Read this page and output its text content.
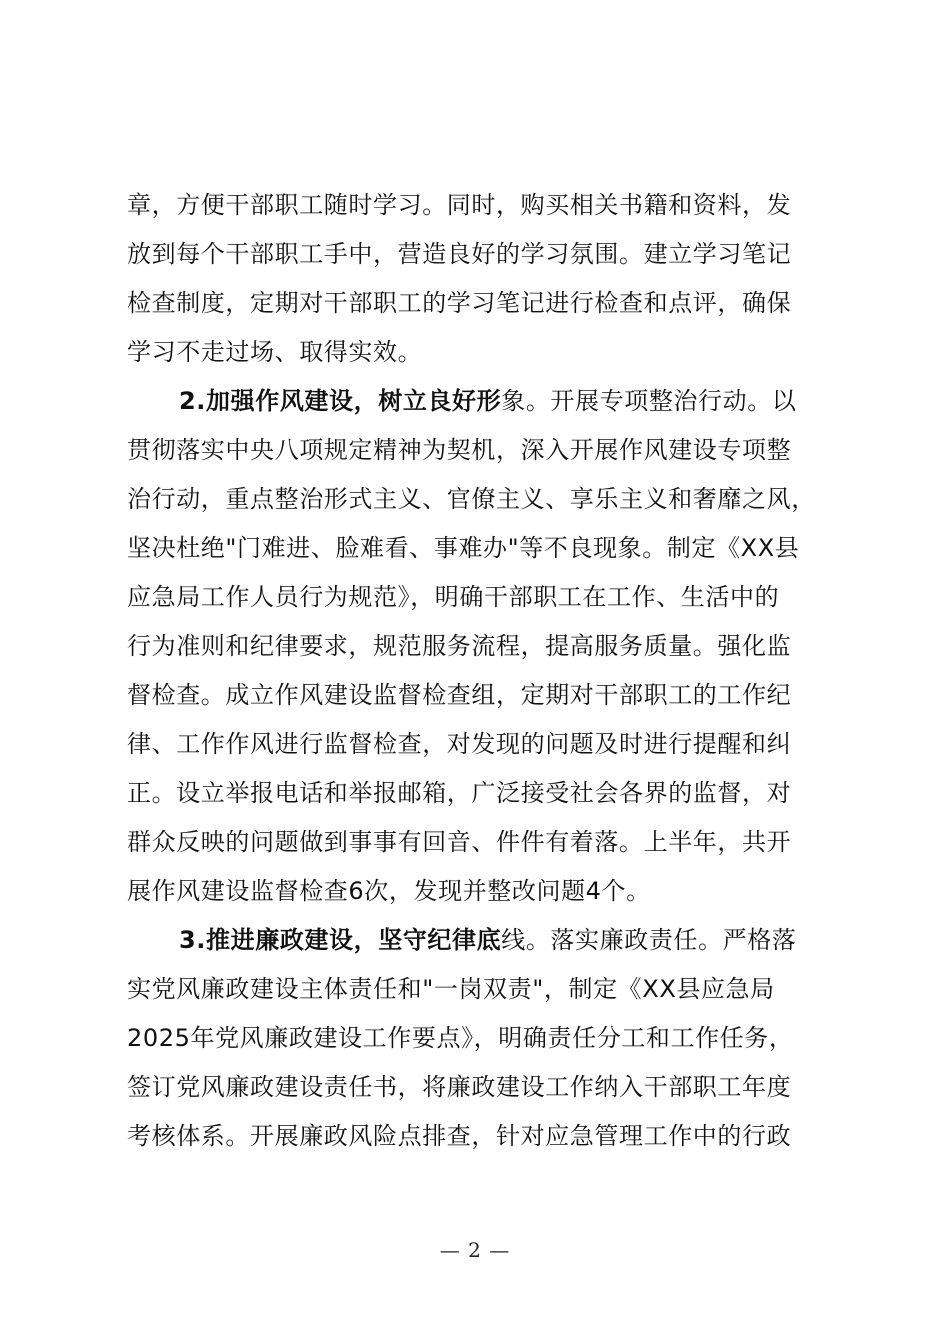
章，方便干部职工随时学习。同时，购买相关书籍和资料，发
放到每个干部职工手中，营造良好的学习氛围。建立学习笔记
检查制度，定期对干部职工的学习笔记进行检查和点评，确保
学习不走过场、取得实效。

2.加强作风建设，树立良好形象。开展专项整治行动。以
贯彻落实中央八项规定精神为契机，深入开展作风建设专项整
治行动，重点整治形式主义、官僚主义、享乐主义和奢靡之风，
坚决杜绝"门难进、脸难看、事难办"等不良现象。制定《XX县
应急局工作人员行为规范》，明确干部职工在工作、生活中的
行为准则和纪律要求，规范服务流程，提高服务质量。强化监
督检查。成立作风建设监督检查组，定期对干部职工的工作纪
律、工作作风进行监督检查，对发现的问题及时进行提醒和纠
正。设立举报电话和举报邮箱，广泛接受社会各界的监督，对
群众反映的问题做到事事有回音、件件有着落。上半年，共开
展作风建设监督检查6次，发现并整改问题4个。

3.推进廉政建设，坚守纪律底线。落实廉政责任。严格落
实党风廉政建设主体责任和"一岗双责"，制定《XX县应急局
2025年党风廉政建设工作要点》，明确责任分工和工作任务，
签订党风廉政建设责任书，将廉政建设工作纳入干部职工年度
考核体系。开展廉政风险点排查，针对应急管理工作中的行政

— 2 —
